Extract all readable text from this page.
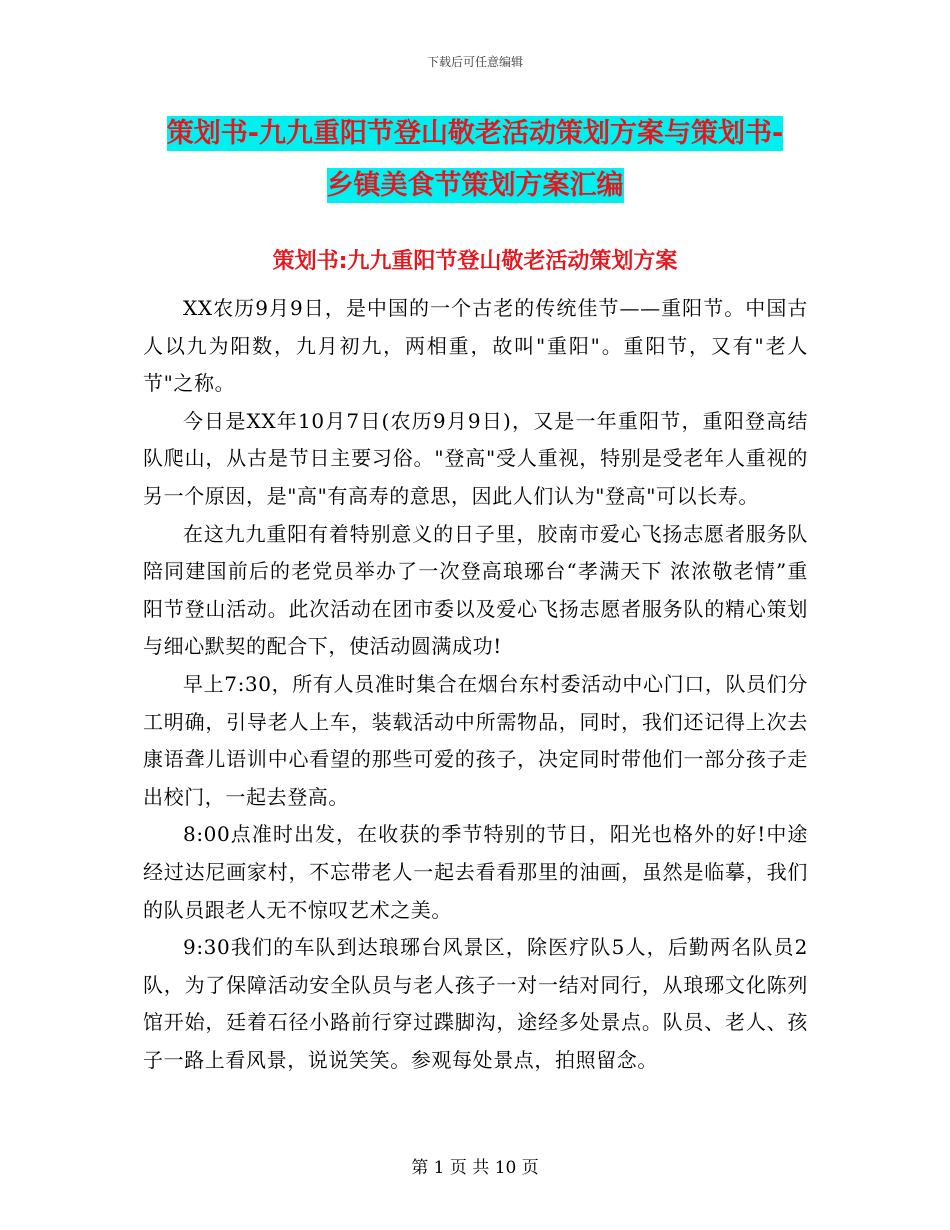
下载后可任意编辑
策划书-九九重阳节登山敬老活动策划方案与策划书-
乡镇美食节策划方案汇编
策划书:九九重阳节登山敬老活动策划方案

XX农历9月9日，是中国的一个古老的传统佳节——重阳节。中国古人以九为阳数，九月初九，两相重，故叫"重阳"。重阳节，又有"老人节"之称。

今日是XX年10月7日(农历9月9日)，又是一年重阳节，重阳登高结队爬山，从古是节日主要习俗。"登高"受人重视，特别是受老年人重视的另一个原因，是"高"有高寿的意思，因此人们认为"登高"可以长寿。

在这九九重阳有着特别意义的日子里，胶南市爱心飞扬志愿者服务队陪同建国前后的老党员举办了一次登高琅琊台“孝满天下 浓浓敬老情”重阳节登山活动。此次活动在团市委以及爱心飞扬志愿者服务队的精心策划与细心默契的配合下，使活动圆满成功!

早上7:30，所有人员准时集合在烟台东村委活动中心门口，队员们分工明确，引导老人上车，装载活动中所需物品，同时，我们还记得上次去康语聋儿语训中心看望的那些可爱的孩子，决定同时带他们一部分孩子走出校门，一起去登高。

8:00点准时出发，在收获的季节特别的节日，阳光也格外的好!中途经过达尼画家村，不忘带老人一起去看看那里的油画，虽然是临摹，我们的队员跟老人无不惊叹艺术之美。

9:30我们的车队到达琅琊台风景区，除医疗队5人，后勤两名队员2队，为了保障活动安全队员与老人孩子一对一结对同行，从琅琊文化陈列馆开始，廷着石径小路前行穿过蹀脚沟，途经多处景点。队员、老人、孩子一路上看风景，说说笑笑。参观每处景点，拍照留念。

第 1 页 共 10 页
